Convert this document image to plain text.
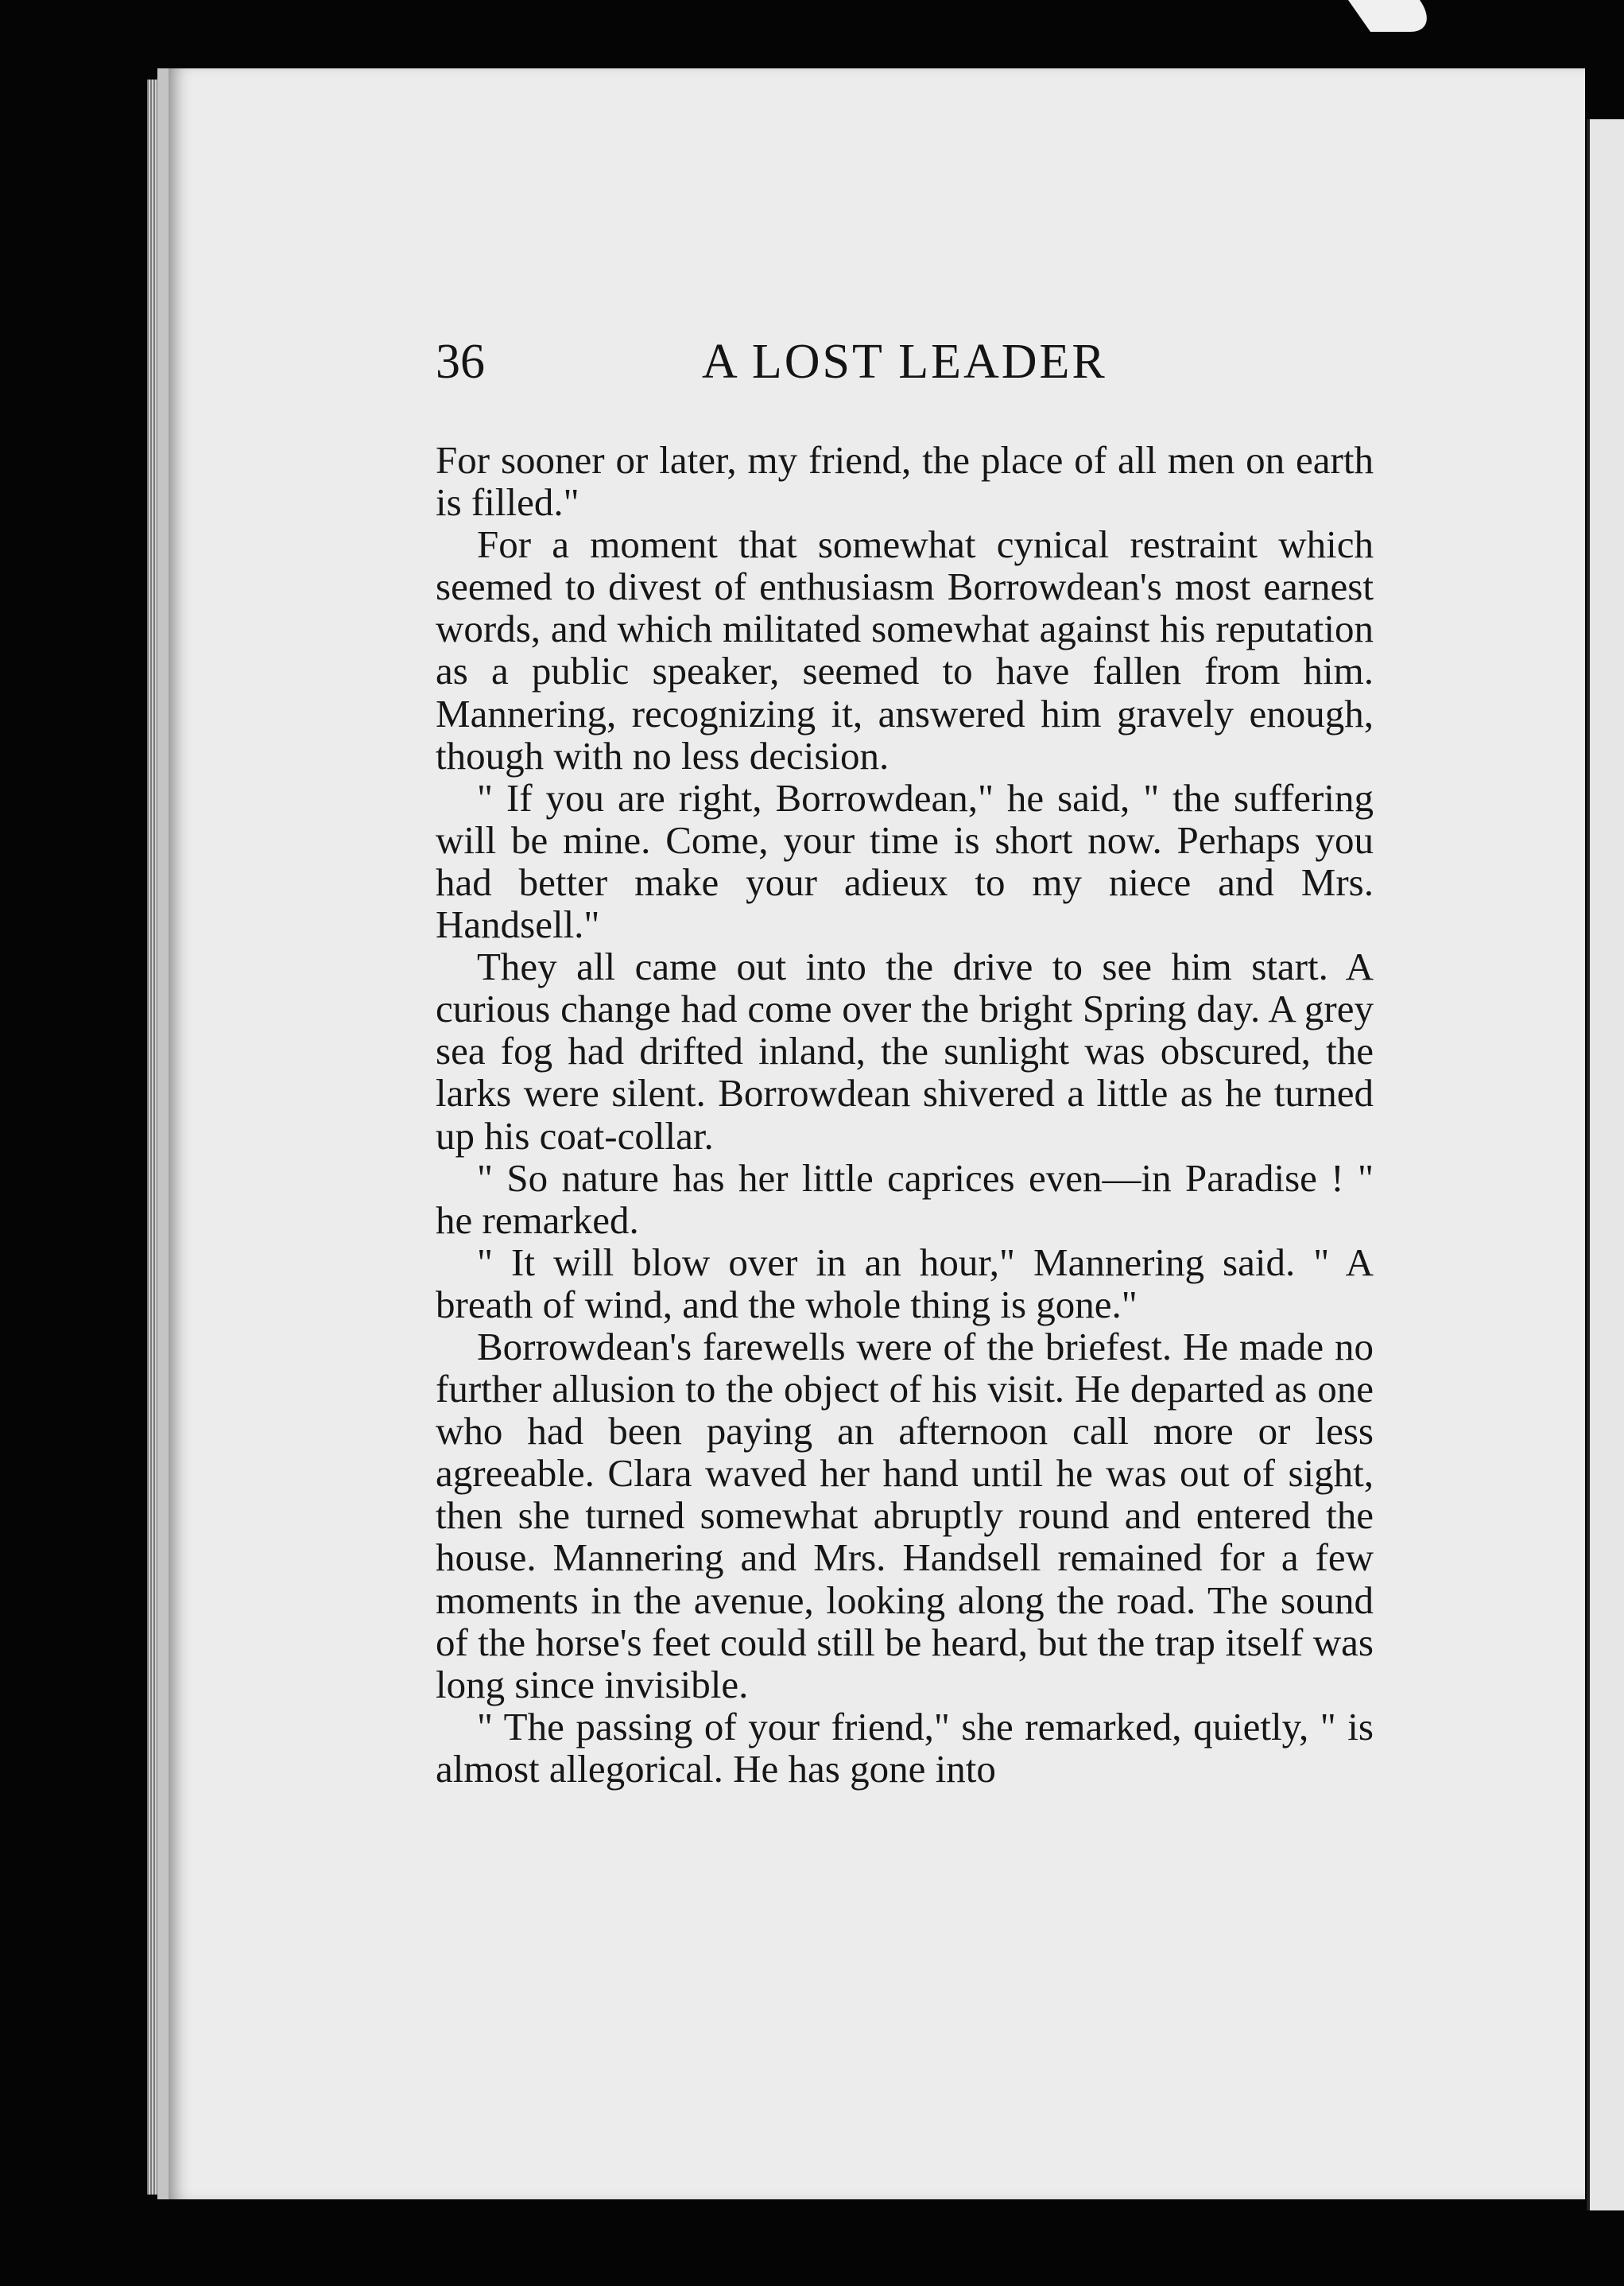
36	A LOST LEADER

For sooner or later, my friend, the place of all men on earth is filled."

For a moment that somewhat cynical restraint which seemed to divest of enthusiasm Borrowdean's most earnest words, and which militated somewhat against his reputation as a public speaker, seemed to have fallen from him. Mannering, recognizing it, answered him gravely enough, though with no less decision.

" If you are right, Borrowdean," he said, " the suffering will be mine. Come, your time is short now. Perhaps you had better make your adieux to my niece and Mrs. Handsell."

They all came out into the drive to see him start. A curious change had come over the bright Spring day. A grey sea fog had drifted inland, the sunlight was obscured, the larks were silent. Borrowdean shivered a little as he turned up his coat-collar.

" So nature has her little caprices even—in Paradise ! " he remarked.

" It will blow over in an hour," Mannering said. " A breath of wind, and the whole thing is gone."

Borrowdean's farewells were of the briefest. He made no further allusion to the object of his visit. He departed as one who had been paying an afternoon call more or less agreeable. Clara waved her hand until he was out of sight, then she turned somewhat abruptly round and entered the house. Mannering and Mrs. Handsell remained for a few moments in the avenue, looking along the road. The sound of the horse's feet could still be heard, but the trap itself was long since invisible.

" The passing of your friend," she remarked, quietly, " is almost allegorical. He has gone into
